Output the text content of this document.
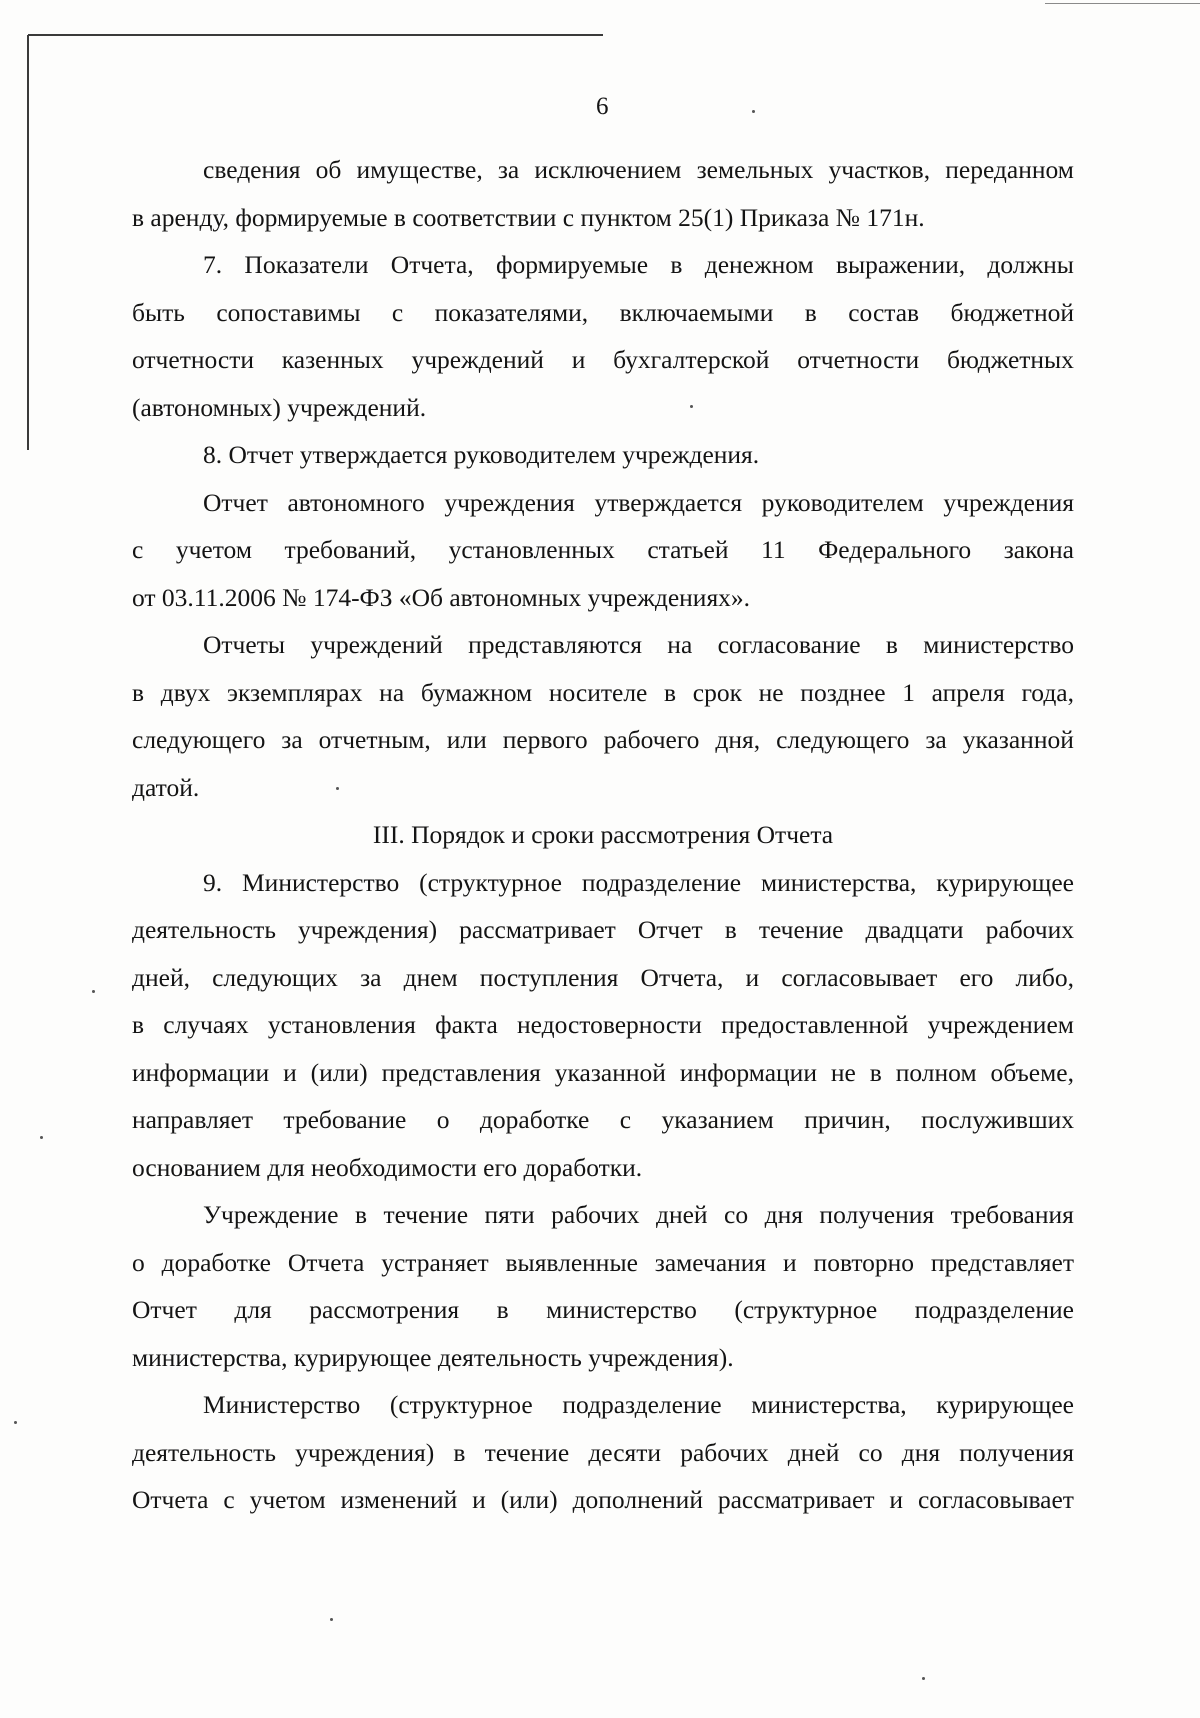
6
сведения об имуществе, за исключением земельных участков, переданном
в аренду, формируемые в соответствии с пунктом 25(1) Приказа № 171н.
7. Показатели Отчета, формируемые в денежном выражении, должны
быть сопоставимы с показателями, включаемыми в состав бюджетной
отчетности казенных учреждений и бухгалтерской отчетности бюджетных
(автономных) учреждений.
8. Отчет утверждается руководителем учреждения.
Отчет автономного учреждения утверждается руководителем учреждения
с учетом требований, установленных статьей 11 Федерального закона
от 03.11.2006 № 174-ФЗ «Об автономных учреждениях».
Отчеты учреждений представляются на согласование в министерство
в двух экземплярах на бумажном носителе в срок не позднее 1 апреля года,
следующего за отчетным, или первого рабочего дня, следующего за указанной
датой.
III. Порядок и сроки рассмотрения Отчета
9. Министерство (структурное подразделение министерства, курирующее
деятельность учреждения) рассматривает Отчет в течение двадцати рабочих
дней, следующих за днем поступления Отчета, и согласовывает его либо,
в случаях установления факта недостоверности предоставленной учреждением
информации и (или) представления указанной информации не в полном объеме,
направляет требование о доработке с указанием причин, послуживших
основанием для необходимости его доработки.
Учреждение в течение пяти рабочих дней со дня получения требования
о доработке Отчета устраняет выявленные замечания и повторно представляет
Отчет для рассмотрения в министерство (структурное подразделение
министерства, курирующее деятельность учреждения).
Министерство (структурное подразделение министерства, курирующее
деятельность учреждения) в течение десяти рабочих дней со дня получения
Отчета с учетом изменений и (или) дополнений рассматривает и согласовывает
